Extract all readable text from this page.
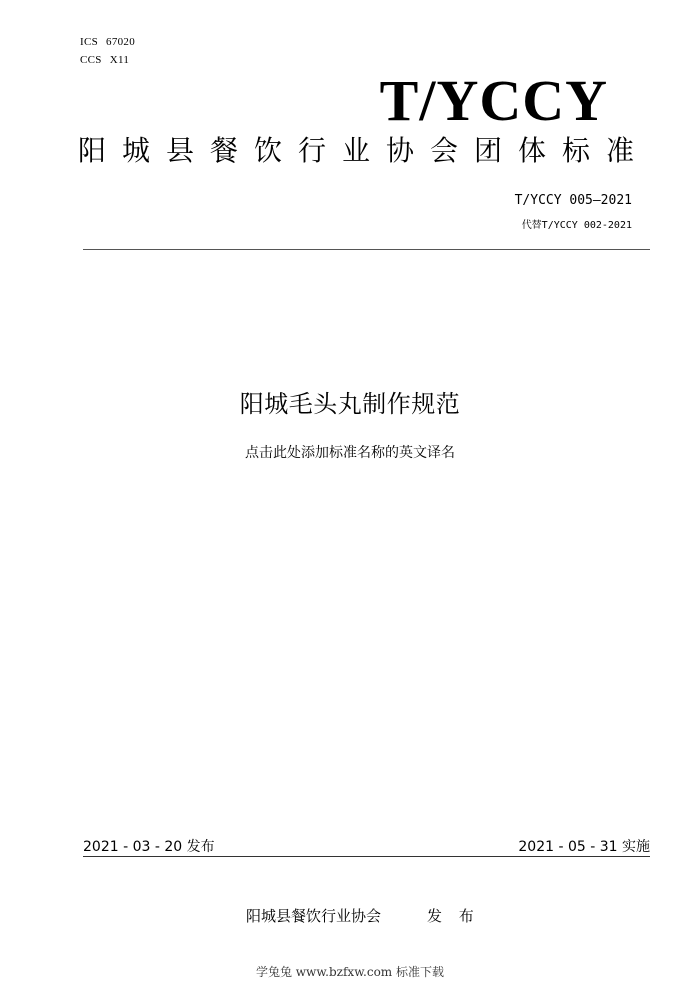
ICS 67020
CCS X11
T/YCCY
阳城县餐饮行业协会团体标准
T/YCCY 005—2021
代替T/YCCY 002-2021
阳城毛头丸制作规范
点击此处添加标准名称的英文译名
2021 - 03 - 20 发布	2021 - 05 - 31 实施
阳城县餐饮行业协会	发 布
学兔兔 www.bzfxw.com 标准下载
